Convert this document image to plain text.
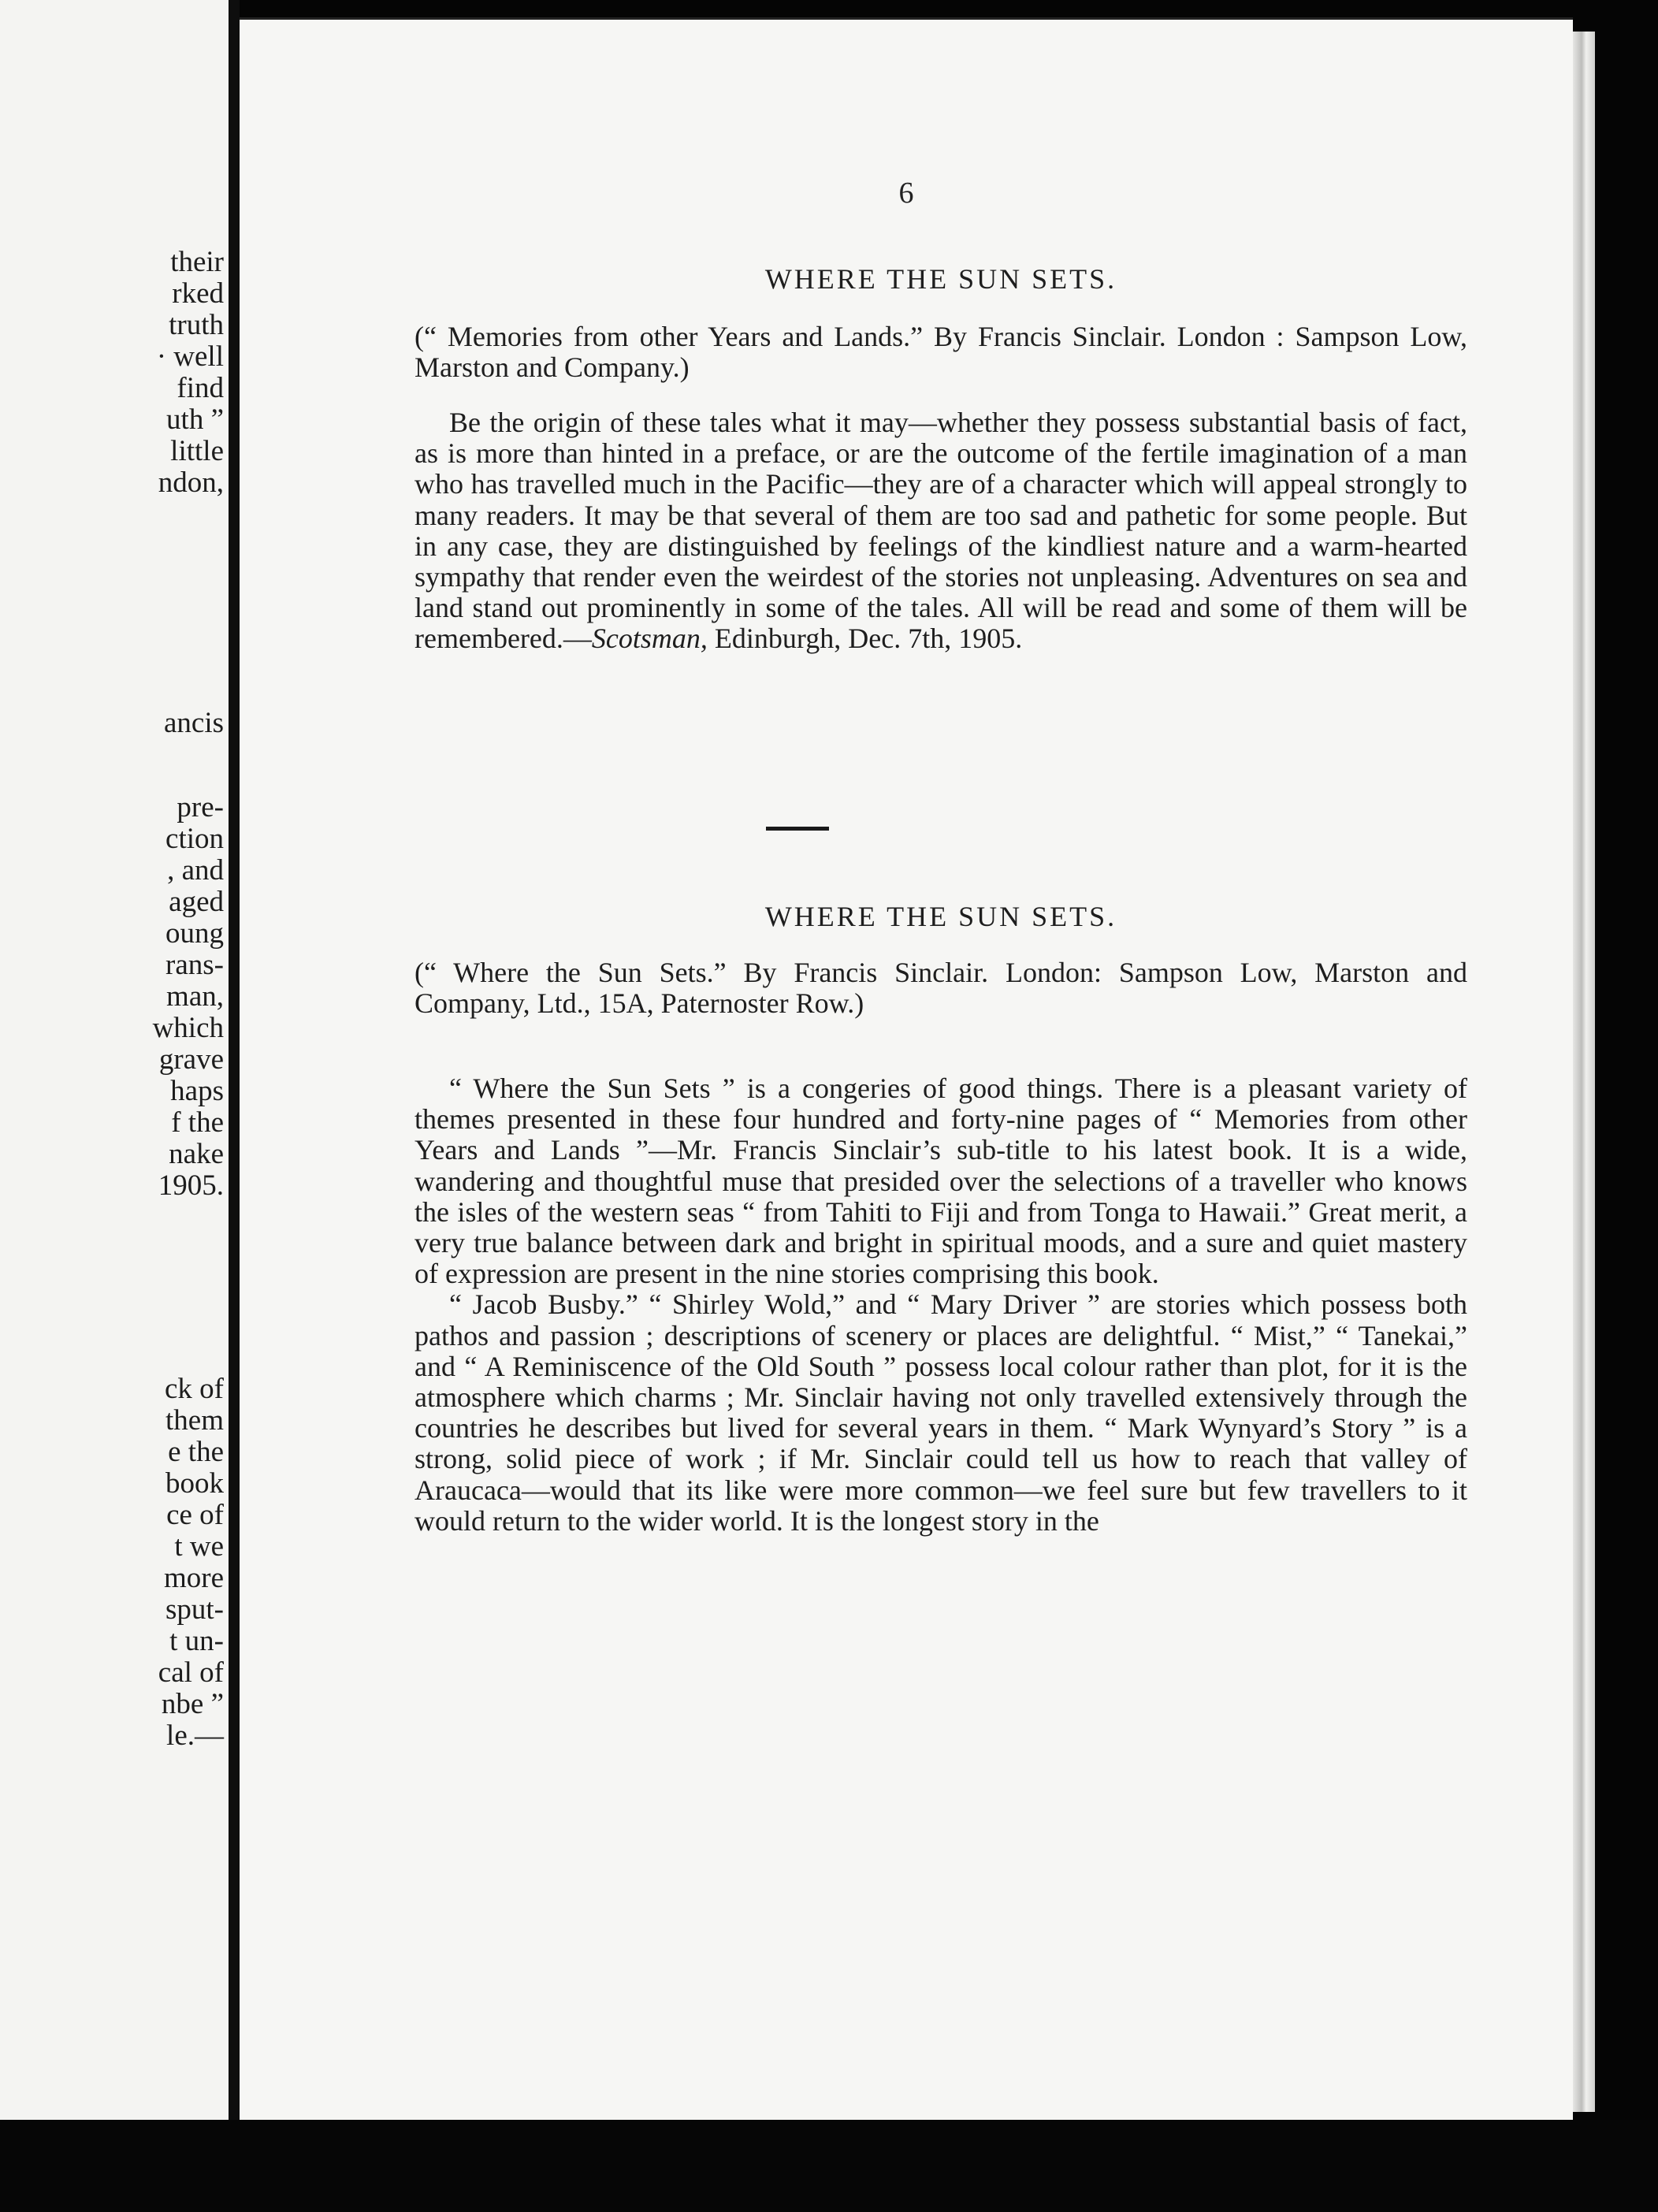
their
rked
truth
· well
find
uth ”
little
ndon,
ancis
pre-
ction
, and
aged
oung
rans-
man,
which
grave
haps
f the
nake
1905.
ck of
them
e the
book
ce of
t we
more
sput-
t un-
cal of
nbe ”
le.—
6
WHERE THE SUN SETS.

(“ Memories from other Years and Lands.” By Francis Sinclair. London : Sampson Low, Marston and Company.)

Be the origin of these tales what it may—whether they possess substantial basis of fact, as is more than hinted in a preface, or are the outcome of the fertile imagination of a man who has travelled much in the Pacific—they are of a character which will appeal strongly to many readers. It may be that several of them are too sad and pathetic for some people. But in any case, they are distinguished by feelings of the kindliest nature and a warm-hearted sympathy that render even the weirdest of the stories not unpleasing. Adventures on sea and land stand out prominently in some of the tales. All will be read and some of them will be remembered.—Scotsman, Edinburgh, Dec. 7th, 1905.

WHERE THE SUN SETS.

(“ Where the Sun Sets.” By Francis Sinclair. London: Sampson Low, Marston and Company, Ltd., 15A, Paternoster Row.)

“ Where the Sun Sets ” is a congeries of good things. There is a pleasant variety of themes presented in these four hundred and forty-nine pages of “ Memories from other Years and Lands ”—Mr. Francis Sinclair’s sub-title to his latest book. It is a wide, wandering and thoughtful muse that presided over the selections of a traveller who knows the isles of the western seas “ from Tahiti to Fiji and from Tonga to Hawaii.” Great merit, a very true balance between dark and bright in spiritual moods, and a sure and quiet mastery of expression are present in the nine stories comprising this book.

“ Jacob Busby.” “ Shirley Wold,” and “ Mary Driver ” are stories which possess both pathos and passion ; descriptions of scenery or places are delightful. “ Mist,” “ Tanekai,” and “ A Reminiscence of the Old South ” possess local colour rather than plot, for it is the atmosphere which charms ; Mr. Sinclair having not only travelled extensively through the countries he describes but lived for several years in them. “ Mark Wynyard’s Story ” is a strong, solid piece of work ; if Mr. Sinclair could tell us how to reach that valley of Araucaca—would that its like were more common—we feel sure but few travellers to it would return to the wider world. It is the longest story in the
